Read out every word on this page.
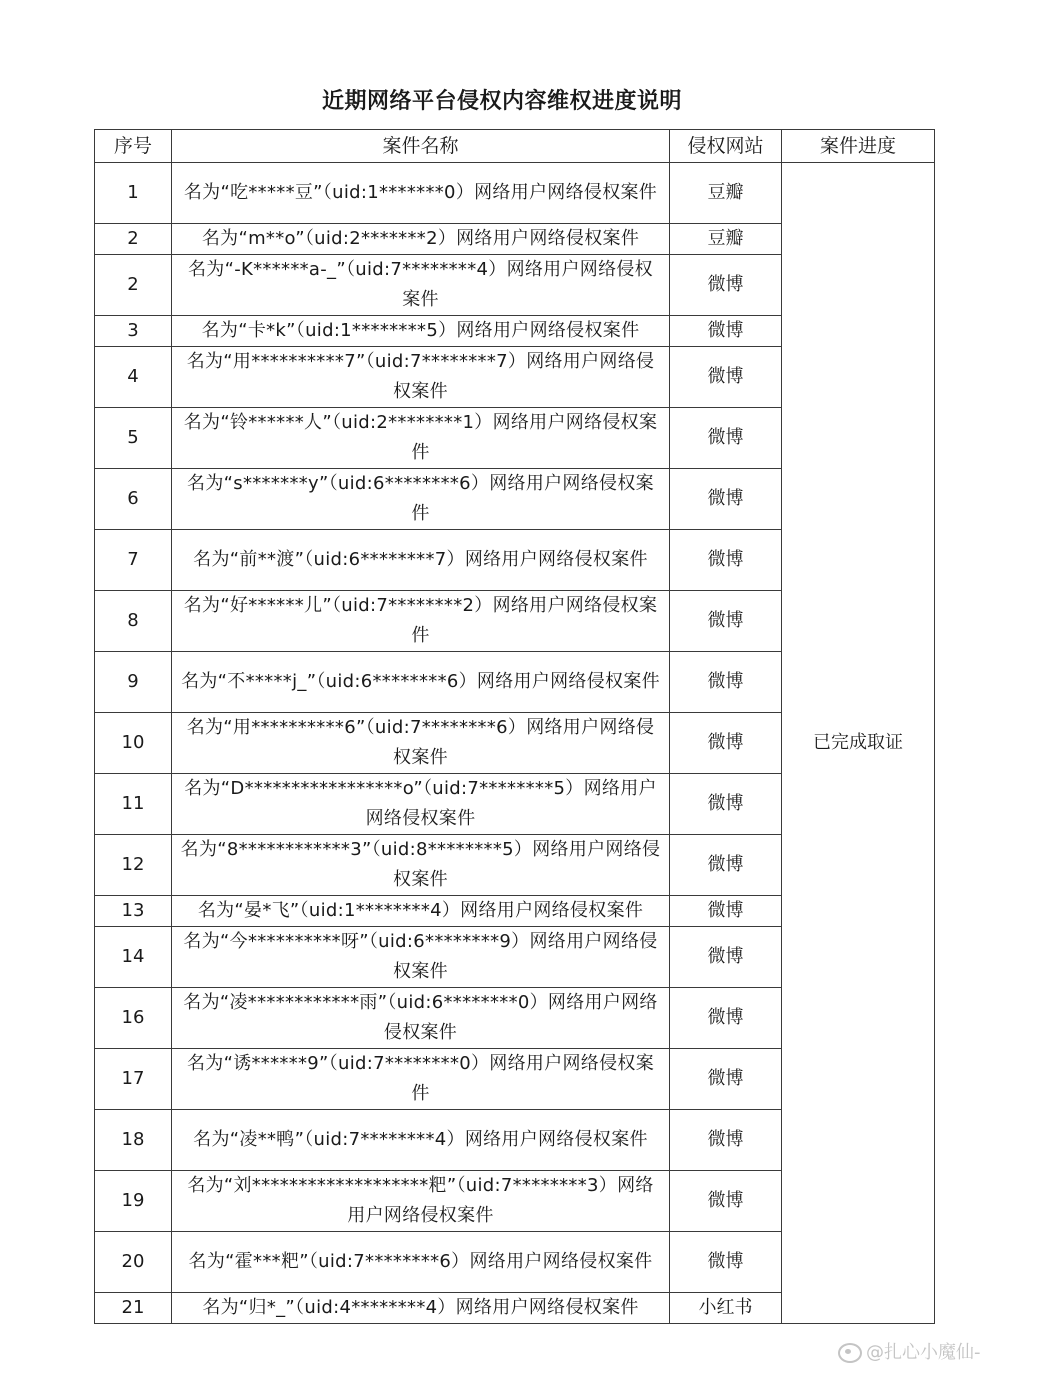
近期网络平台侵权内容维权进度说明
序号	案件名称	侵权网站	案件进度
1	名为“吃*****豆”（uid:1*******0）网络用户网络侵权案件	豆瓣	已完成取证
2	名为“m**o”（uid:2*******2）网络用户网络侵权案件	豆瓣	
2	名为“-K******a-_”（uid:7********4）网络用户网络侵权案件	微博	
3	名为“卡*k”（uid:1********5）网络用户网络侵权案件	微博	
4	名为“用**********7”（uid:7********7）网络用户网络侵权案件	微博	
5	名为“铃******人”（uid:2********1）网络用户网络侵权案件	微博	
6	名为“s*******y”（uid:6********6）网络用户网络侵权案件	微博	
7	名为“前**渡”（uid:6********7）网络用户网络侵权案件	微博	
8	名为“好******儿”（uid:7********2）网络用户网络侵权案件	微博	
9	名为“不*****j_”（uid:6********6）网络用户网络侵权案件	微博	
10	名为“用**********6”（uid:7********6）网络用户网络侵权案件	微博	
11	名为“D*****************o”（uid:7********5）网络用户网络侵权案件	微博	
12	名为“8************3”（uid:8********5）网络用户网络侵权案件	微博	
13	名为“晏*飞”（uid:1********4）网络用户网络侵权案件	微博	
14	名为“今**********呀”（uid:6********9）网络用户网络侵权案件	微博	
16	名为“凌************雨”（uid:6********0）网络用户网络侵权案件	微博	
17	名为“诱******9”（uid:7********0）网络用户网络侵权案件	微博	
18	名为“凌**鸭”（uid:7********4）网络用户网络侵权案件	微博	
19	名为“刘*******************粑”（uid:7********3）网络用户网络侵权案件	微博	
20	名为“霍***粑”（uid:7********6）网络用户网络侵权案件	微博	
21	名为“归*_”（uid:4********4）网络用户网络侵权案件	小红书	
@扎心小魔仙-
